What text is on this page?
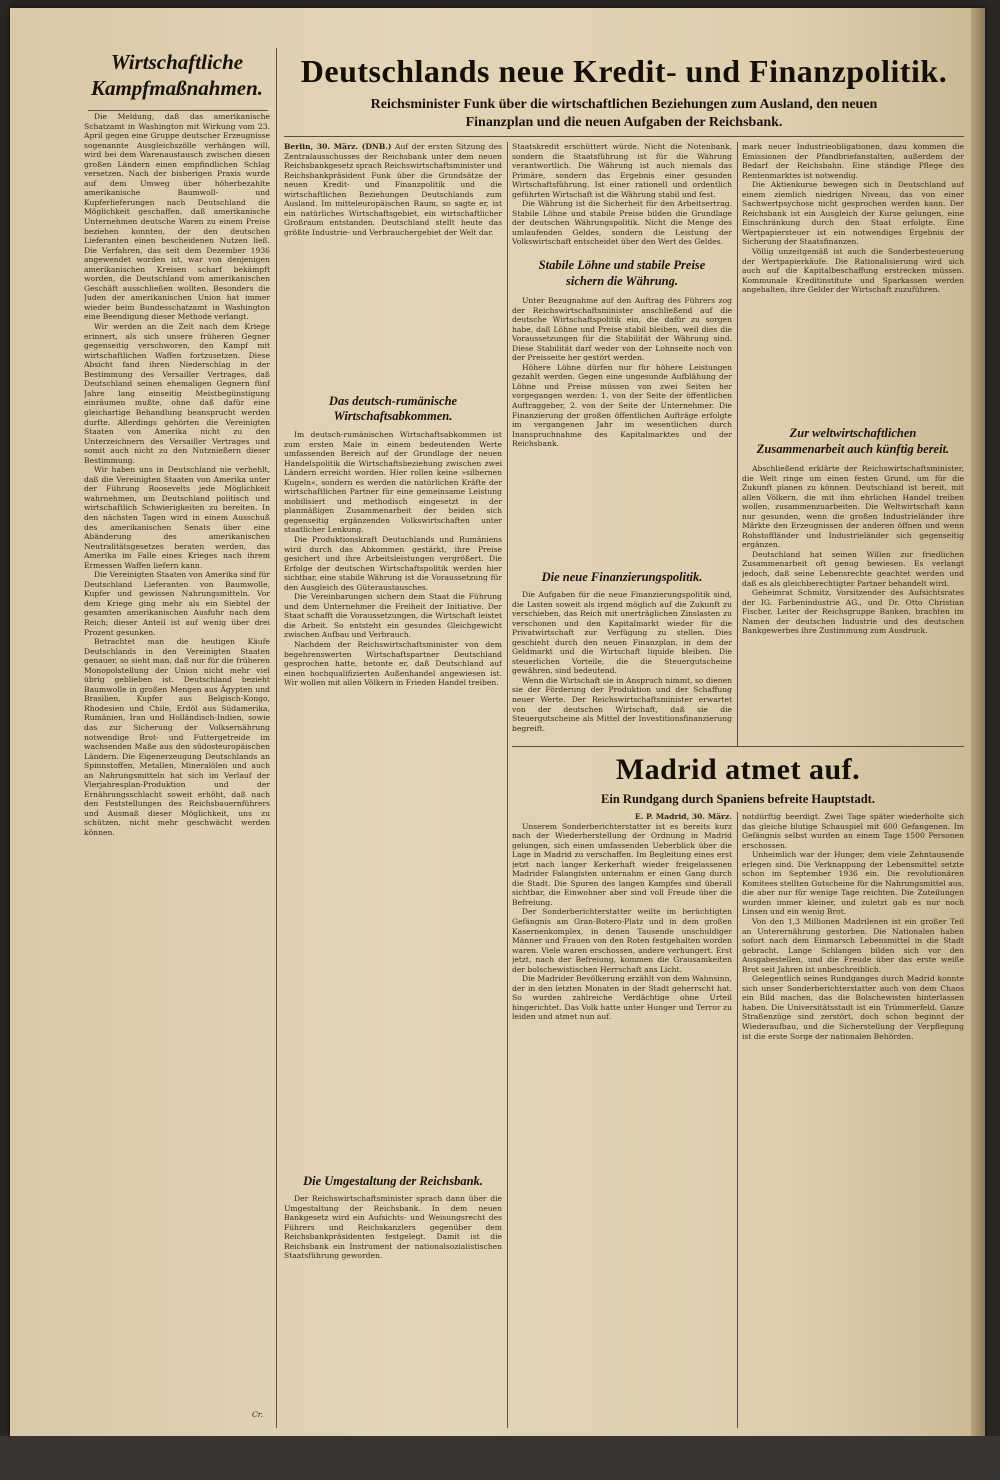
Wirtschaftliche
Kampfmaßnahmen.

Die Meldung, daß das amerikanische Schatzamt in Washington mit Wirkung vom 23. April gegen eine Gruppe deutscher Erzeugnisse sogenannte Ausgleichszölle verhängen will, wird bei dem Warenaustausch zwischen diesen großen Ländern einen empfindlichen Schlag versetzen. Nach der bisherigen Praxis wurde auf dem Umweg über höherbezahlte amerikanische Baumwoll- und Kupferlieferungen nach Deutschland die Möglichkeit geschaffen, daß amerikanische Unternehmen deutsche Waren zu einem Preise beziehen konnten, der den deutschen Lieferanten einen bescheidenen Nutzen ließ. Die Verfahren, das seit dem Dezember 1936 angewendet worden ist, war von denjenigen amerikanischen Kreisen scharf bekämpft worden, die Deutschland vom amerikanischen Geschäft ausschließen wollten. Besonders die Juden der amerikanischen Union hat immer wieder beim Bundesschatzamt in Washington eine Beendigung dieser Methode verlangt.

Wir werden an die Zeit nach dem Kriege erinnert, als sich unsere früheren Gegner gegenseitig verschworen, den Kampf mit wirtschaftlichen Waffen fortzusetzen. Diese Absicht fand ihren Niederschlag in der Bestimmung des Versailler Vertrages, daß Deutschland seinen ehemaligen Gegnern fünf Jahre lang einseitig Meistbegünstigung einräumen mußte, ohne daß dafür eine gleichartige Behandlung beansprucht werden durfte. Allerdings gehörten die Vereinigten Staaten von Amerika nicht zu den Unterzeichnern des Versailler Vertrages und somit auch nicht zu den Nutznießern dieser Bestimmung.

Wir haben uns in Deutschland nie verhehlt, daß die Vereinigten Staaten von Amerika unter der Führung Roosevelts jede Möglichkeit wahrnehmen, um Deutschland politisch und wirtschaftlich Schwierigkeiten zu bereiten. In den nächsten Tagen wird in einem Ausschuß des amerikanischen Senats über eine Abänderung des amerikanischen Neutralitätsgesetzes beraten werden, das Amerika im Falle eines Krieges nach ihrem Ermessen Waffen liefern kann.

Die Vereinigten Staaten von Amerika sind für Deutschland Lieferanten von Baumwolle, Kupfer und gewissen Nahrungsmitteln. Vor dem Kriege ging mehr als ein Siebtel der gesamten amerikanischen Ausfuhr nach dem Reich; dieser Anteil ist auf wenig über drei Prozent gesunken.

Betrachtet man die heutigen Käufe Deutschlands in den Vereinigten Staaten genauer, so sieht man, daß nur für die früheren Monopolstellung der Union nicht mehr viel übrig geblieben ist. Deutschland bezieht Baumwolle in großen Mengen aus Ägypten und Brasilien, Kupfer aus Belgisch-Kongo, Rhodesien und Chile, Erdöl aus Südamerika, Rumänien, Iran und Holländisch-Indien, sowie das zur Sicherung der Volksernährung notwendige Brot- und Futtergetreide im wachsenden Maße aus den südosteuropäischen Ländern. Die Eigenerzeugung Deutschlands an Spinnstoffen, Metallen, Mineralölen und auch an Nahrungsmitteln hat sich im Verlauf der Vierjahresplan-Produktion und der Ernährungsschlacht soweit erhöht, daß nach den Feststellungen des Reichsbauernführers und Ausmaß dieser Möglichkeit, uns zu schützen, nicht mehr geschwächt werden können.

Cr.
Deutschlands neue Kredit- und Finanzpolitik.
Reichsminister Funk über die wirtschaftlichen Beziehungen zum Ausland, den neuen
Finanzplan und die neuen Aufgaben der Reichsbank.

Berlin, 30. März. (DNB.) Auf der ersten Sitzung des Zentralausschusses der Reichsbank unter dem neuen Reichsbankgesetz sprach Reichswirtschaftsminister und Reichsbankpräsident Funk über die Grundsätze der neuen Kredit- und Finanzpolitik und die wirtschaftlichen Beziehungen Deutschlands zum Ausland. Im mitteleuropäischen Raum, so sagte er, ist ein natürliches Wirtschaftsgebiet, ein wirtschaftlicher Großraum entstanden. Deutschland stellt heute das größte Industrie- und Verbrauchergebiet der Welt dar.

Das deutsch-rumänische
Wirtschaftsabkommen.

Im deutsch-rumänischen Wirtschaftsabkommen ist zum ersten Male in einem bedeutenden Werte umfassenden Bereich auf der Grundlage der neuen Handelspolitik die Wirtschaftsbeziehung zwischen zwei Ländern erreicht worden. Hier rollen keine »silbernen Kugeln«, sondern es werden die natürlichen Kräfte der wirtschaftlichen Partner für eine gemeinsame Leistung mobilisiert und methodisch eingesetzt in der planmäßigen Zusammenarbeit der beiden sich gegenseitig ergänzenden Volkswirtschaften unter staatlicher Lenkung.

Die Produktionskraft Deutschlands und Rumäniens wird durch das Abkommen gestärkt, ihre Preise gesichert und ihre Arbeitsleistungen vergrößert. Die Erfolge der deutschen Wirtschaftspolitik werden hier sichtbar, eine stabile Währung ist die Voraussetzung für den Ausgleich des Güteraustausches.

Die Vereinbarungen sichern dem Staat die Führung und dem Unternehmer die Freiheit der Initiative. Der Staat schafft die Voraussetzungen, die Wirtschaft leistet die Arbeit. So entsteht ein gesundes Gleichgewicht zwischen Aufbau und Verbrauch.

Nachdem der Reichswirtschaftsminister von dem begehrenswerten Wirtschaftspartner Deutschland gesprochen hatte, betonte er, daß Deutschland auf einen hochqualifizierten Außenhandel angewiesen ist. Wir wollen mit allen Völkern in Frieden Handel treiben.

Die Umgestaltung der Reichsbank.

Der Reichswirtschaftsminister sprach dann über die Umgestaltung der Reichsbank. In dem neuen Bankgesetz wird ein Aufsichts- und Weisungsrecht des Führers und Reichskanzlers gegenüber dem Reichsbankpräsidenten festgelegt. Damit ist die Reichsbank ein Instrument der nationalsozialistischen Staatsführung geworden.

Staatskredit erschüttert würde. Nicht die Notenbank, sondern die Staatsführung ist für die Währung verantwortlich. Die Währung ist auch niemals das Primäre, sondern das Ergebnis einer gesunden Wirtschaftsführung. Ist einer rationell und ordentlich geführten Wirtschaft ist die Währung stabil und fest.

Die Währung ist die Sicherheit für den Arbeitsertrag. Stabile Löhne und stabile Preise bilden die Grundlage der deutschen Währungspolitik. Nicht die Menge des umlaufenden Geldes, sondern die Leistung der Volkswirtschaft entscheidet über den Wert des Geldes.

Stabile Löhne und stabile Preise
sichern die Währung.

Unter Bezugnahme auf den Auftrag des Führers zog der Reichswirtschaftsminister anschließend auf die deutsche Wirtschaftspolitik ein, die dafür zu sorgen habe, daß Löhne und Preise stabil bleiben, weil dies die Voraussetzungen für die Stabilität der Währung sind. Diese Stabilität darf weder von der Lohnseite noch von der Preisseite her gestört werden.

Höhere Löhne dürfen nur für höhere Leistungen gezahlt werden. Gegen eine ungesunde Aufblähung der Löhne und Preise müssen von zwei Seiten her vorgegangen werden: 1. von der Seite der öffentlichen Auftraggeber, 2. von der Seite der Unternehmer. Die Finanzierung der großen öffentlichen Aufträge erfolgte im vergangenen Jahr im wesentlichen durch Inanspruchnahme des Kapitalmarktes und der Reichsbank.

Die neue Finanzierungspolitik.

Die Aufgaben für die neue Finanzierungspolitik sind, die Lasten soweit als irgend möglich auf die Zukunft zu verschieben, das Reich mit unerträglichen Zinslasten zu verschonen und den Kapitalmarkt wieder für die Privatwirtschaft zur Verfügung zu stellen. Dies geschieht durch den neuen Finanzplan, in dem der Geldmarkt und die Wirtschaft liquide bleiben. Die steuerlichen Vorteile, die die Steuergutscheine gewähren, sind bedeutend.

Wenn die Wirtschaft sie in Anspruch nimmt, so dienen sie der Förderung der Produktion und der Schaffung neuer Werte. Der Reichswirtschaftsminister erwartet von der deutschen Wirtschaft, daß sie die Steuergutscheine als Mittel der Investitionsfinanzierung begreift.

mark neuer Industrieobligationen, dazu kommen die Emissionen der Pfandbriefanstalten, außerdem der Bedarf der Reichsbahn. Eine ständige Pflege des Rentenmarktes ist notwendig.

Die Aktienkurse bewegen sich in Deutschland auf einem ziemlich niedrigen Niveau, das von einer Sachwertpsychose nicht gesprochen werden kann. Der Reichsbank ist ein Ausgleich der Kurse gelungen, eine Einschränkung durch den Staat erfolgte. Eine Wertpapiersteuer ist ein notwendiges Ergebnis der Sicherung der Staatsfinanzen.

Völlig unzeitgemäß ist auch die Sonderbesteuerung der Wertpapierkäufe. Die Rationalisierung wird sich auch auf die Kapitalbeschaffung erstrecken müssen. Kommunale Kreditinstitute und Sparkassen werden angehalten, ihre Gelder der Wirtschaft zuzuführen.

Zur weltwirtschaftlichen
Zusammenarbeit auch künftig bereit.

Abschließend erklärte der Reichswirtschaftsminister, die Welt ringe um einen festen Grund, um für die Zukunft planen zu können. Deutschland ist bereit, mit allen Völkern, die mit ihm ehrlichen Handel treiben wollen, zusammenzuarbeiten. Die Weltwirtschaft kann nur gesunden, wenn die großen Industrieländer ihre Märkte den Erzeugnissen der anderen öffnen und wenn Rohstoffländer und Industrieländer sich gegenseitig ergänzen.

Deutschland hat seinen Willen zur friedlichen Zusammenarbeit oft genug bewiesen. Es verlangt jedoch, daß seine Lebensrechte geachtet werden und daß es als gleichberechtigter Partner behandelt wird.

Geheimrat Schmitz, Vorsitzender des Aufsichtsrates der IG. Farbenindustrie AG., und Dr. Otto Christian Fischer, Leiter der Reichsgruppe Banken, brachten im Namen der deutschen Industrie und des deutschen Bankgewerbes ihre Zustimmung zum Ausdruck.

Madrid atmet auf.
Ein Rundgang durch Spaniens befreite Hauptstadt.

E. P. Madrid, 30. März.

Unserem Sonderberichterstatter ist es bereits kurz nach der Wiederherstellung der Ordnung in Madrid gelungen, sich einen umfassenden Ueberblick über die Lage in Madrid zu verschaffen. Im Begleitung eines erst jetzt nach langer Kerkerhaft wieder freigelassenen Madrider Falangisten unternahm er einen Gang durch die Stadt. Die Spuren des langen Kampfes sind überall sichtbar, die Einwohner aber sind voll Freude über die Befreiung.

Der Sonderberichterstatter weilte im berüchtigten Gefängnis am Gran-Botero-Platz und in dem großen Kasernenkomplex, in denen Tausende unschuldiger Männer und Frauen von den Roten festgehalten worden waren. Viele waren erschossen, andere verhungert. Erst jetzt, nach der Befreiung, kommen die Grausamkeiten der bolschewistischen Herrschaft ans Licht.

Die Madrider Bevölkerung erzählt von dem Wahnsinn, der in den letzten Monaten in der Stadt geherrscht hat. So wurden zahlreiche Verdächtige ohne Urteil hingerichtet. Das Volk hatte unter Hunger und Terror zu leiden und atmet nun auf.

notdürftig beerdigt. Zwei Tage später wiederholte sich das gleiche blutige Schauspiel mit 600 Gefangenen. Im Gefängnis selbst wurden an einem Tage 1500 Personen erschossen.

Unheimlich war der Hunger, dem viele Zehntausende erlegen sind. Die Verknappung der Lebensmittel setzte schon im September 1936 ein. Die revolutionären Komitees stellten Gutscheine für die Nahrungsmittel aus, die aber nur für wenige Tage reichten. Die Zuteilungen wurden immer kleiner, und zuletzt gab es nur noch Linsen und ein wenig Brot.

Von den 1,3 Millionen Madrilenen ist ein großer Teil an Unterernährung gestorben. Die Nationalen haben sofort nach dem Einmarsch Lebensmittel in die Stadt gebracht. Lange Schlangen bilden sich vor den Ausgabestellen, und die Freude über das erste weiße Brot seit Jahren ist unbeschreiblich.

Gelegentlich seines Rundganges durch Madrid konnte sich unser Sonderberichterstatter auch von dem Chaos ein Bild machen, das die Bolschewisten hinterlassen haben. Die Universitätsstadt ist ein Trümmerfeld. Ganze Straßenzüge sind zerstört, doch schon beginnt der Wiederaufbau, und die Sicherstellung der Verpflegung ist die erste Sorge der nationalen Behörden.
